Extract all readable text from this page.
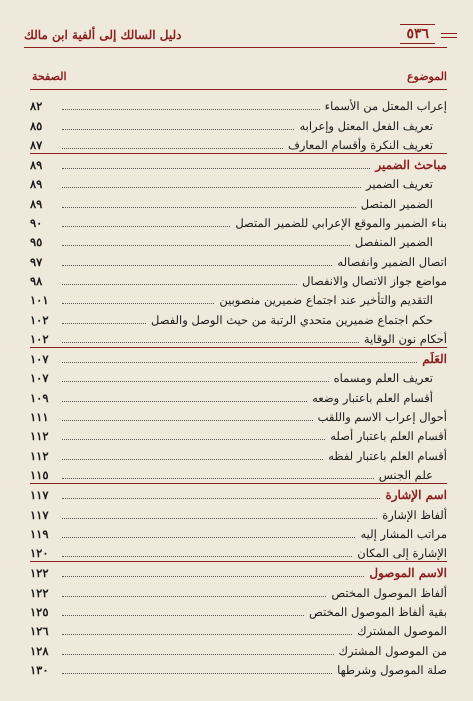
دليل السالك إلى ألفية ابن مالك	٥٣٦
الصفحة	الموضوع
إعراب المعتل من الأسماء
٨٢
تعريف الفعل المعتل وإعرابه
٨٥
تعريف النكرة وأقسام المعارف
٨٧
مباحث الضمير
٨٩
تعريف الضمير
٨٩
الضمير المتصل
٨٩
بناء الضمير والموقع الإعرابي للضمير المتصل
٩٠
الضمير المنفصل
٩٥
اتصال الضمير وانفصاله
٩٧
مواضع جواز الاتصال والانفصال
٩٨
التقديم والتأخير عند اجتماع ضميرين منصوبين
١٠١
حكم اجتماع ضميرين متحدي الرتبة من حيث الوصل والفصل
١٠٢
أحكام نون الوقاية
١٠٢
العَلَم
١٠٧
تعريف العلم ومسماه
١٠٧
أقسام العلم باعتبار وضعه
١٠٩
أحوال إعراب الاسم واللقب
١١١
أقسام العلم باعتبار أصله
١١٢
أقسام العلم باعتبار لفظه
١١٢
علم الجنس
١١٥
اسم الإشارة
١١٧
ألفاظ الإشارة
١١٧
مراتب المشار إليه
١١٩
الإشارة إلى المكان
١٢٠
الاسم الموصول
١٢٢
ألفاظ الموصول المختص
١٢٢
بقية ألفاظ الموصول المختص
١٢٥
الموصول المشترك
١٢٦
من الموصول المشترك
١٢٨
صلة الموصول وشرطها
١٣٠
